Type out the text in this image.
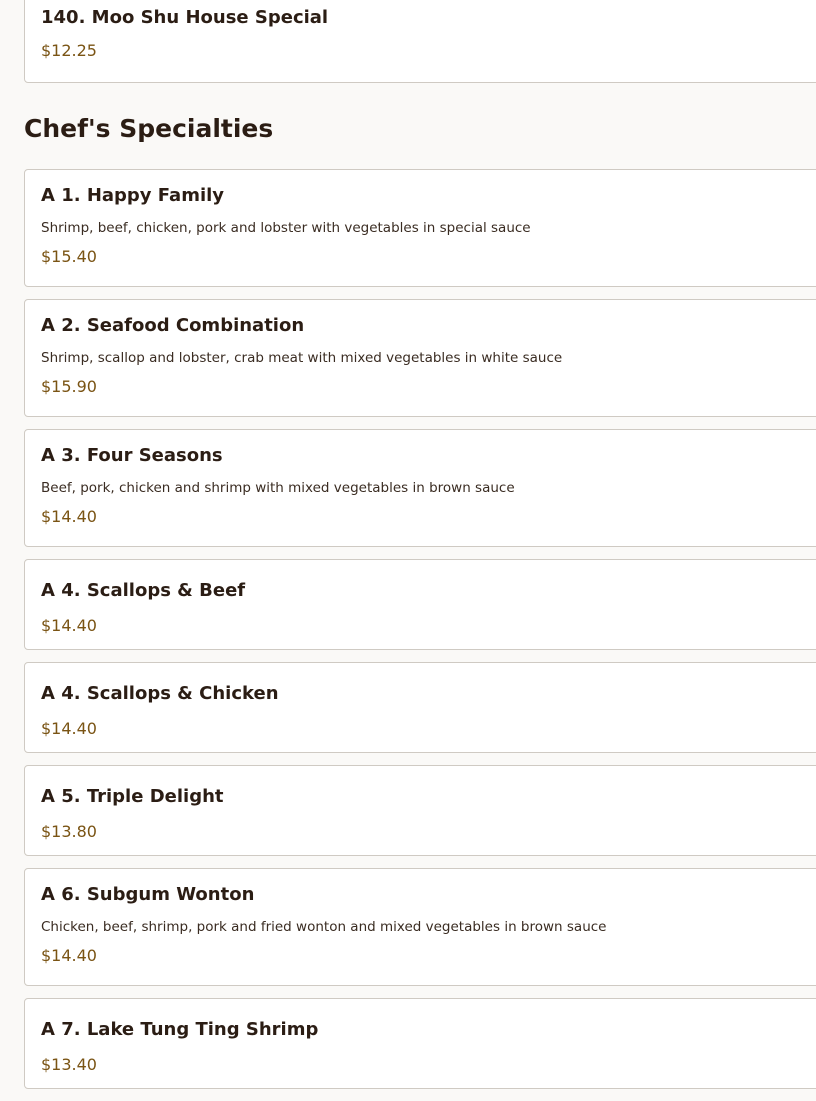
140. Moo Shu House Special
$12.25
Chef's Specialties
A 1. Happy Family
Shrimp, beef, chicken, pork and lobster with vegetables in special sauce
$15.40
A 2. Seafood Combination
Shrimp, scallop and lobster, crab meat with mixed vegetables in white sauce
$15.90
A 3. Four Seasons
Beef, pork, chicken and shrimp with mixed vegetables in brown sauce
$14.40
A 4. Scallops & Beef
$14.40
A 4. Scallops & Chicken
$14.40
A 5. Triple Delight
$13.80
A 6. Subgum Wonton
Chicken, beef, shrimp, pork and fried wonton and mixed vegetables in brown sauce
$14.40
A 7. Lake Tung Ting Shrimp
$13.40
